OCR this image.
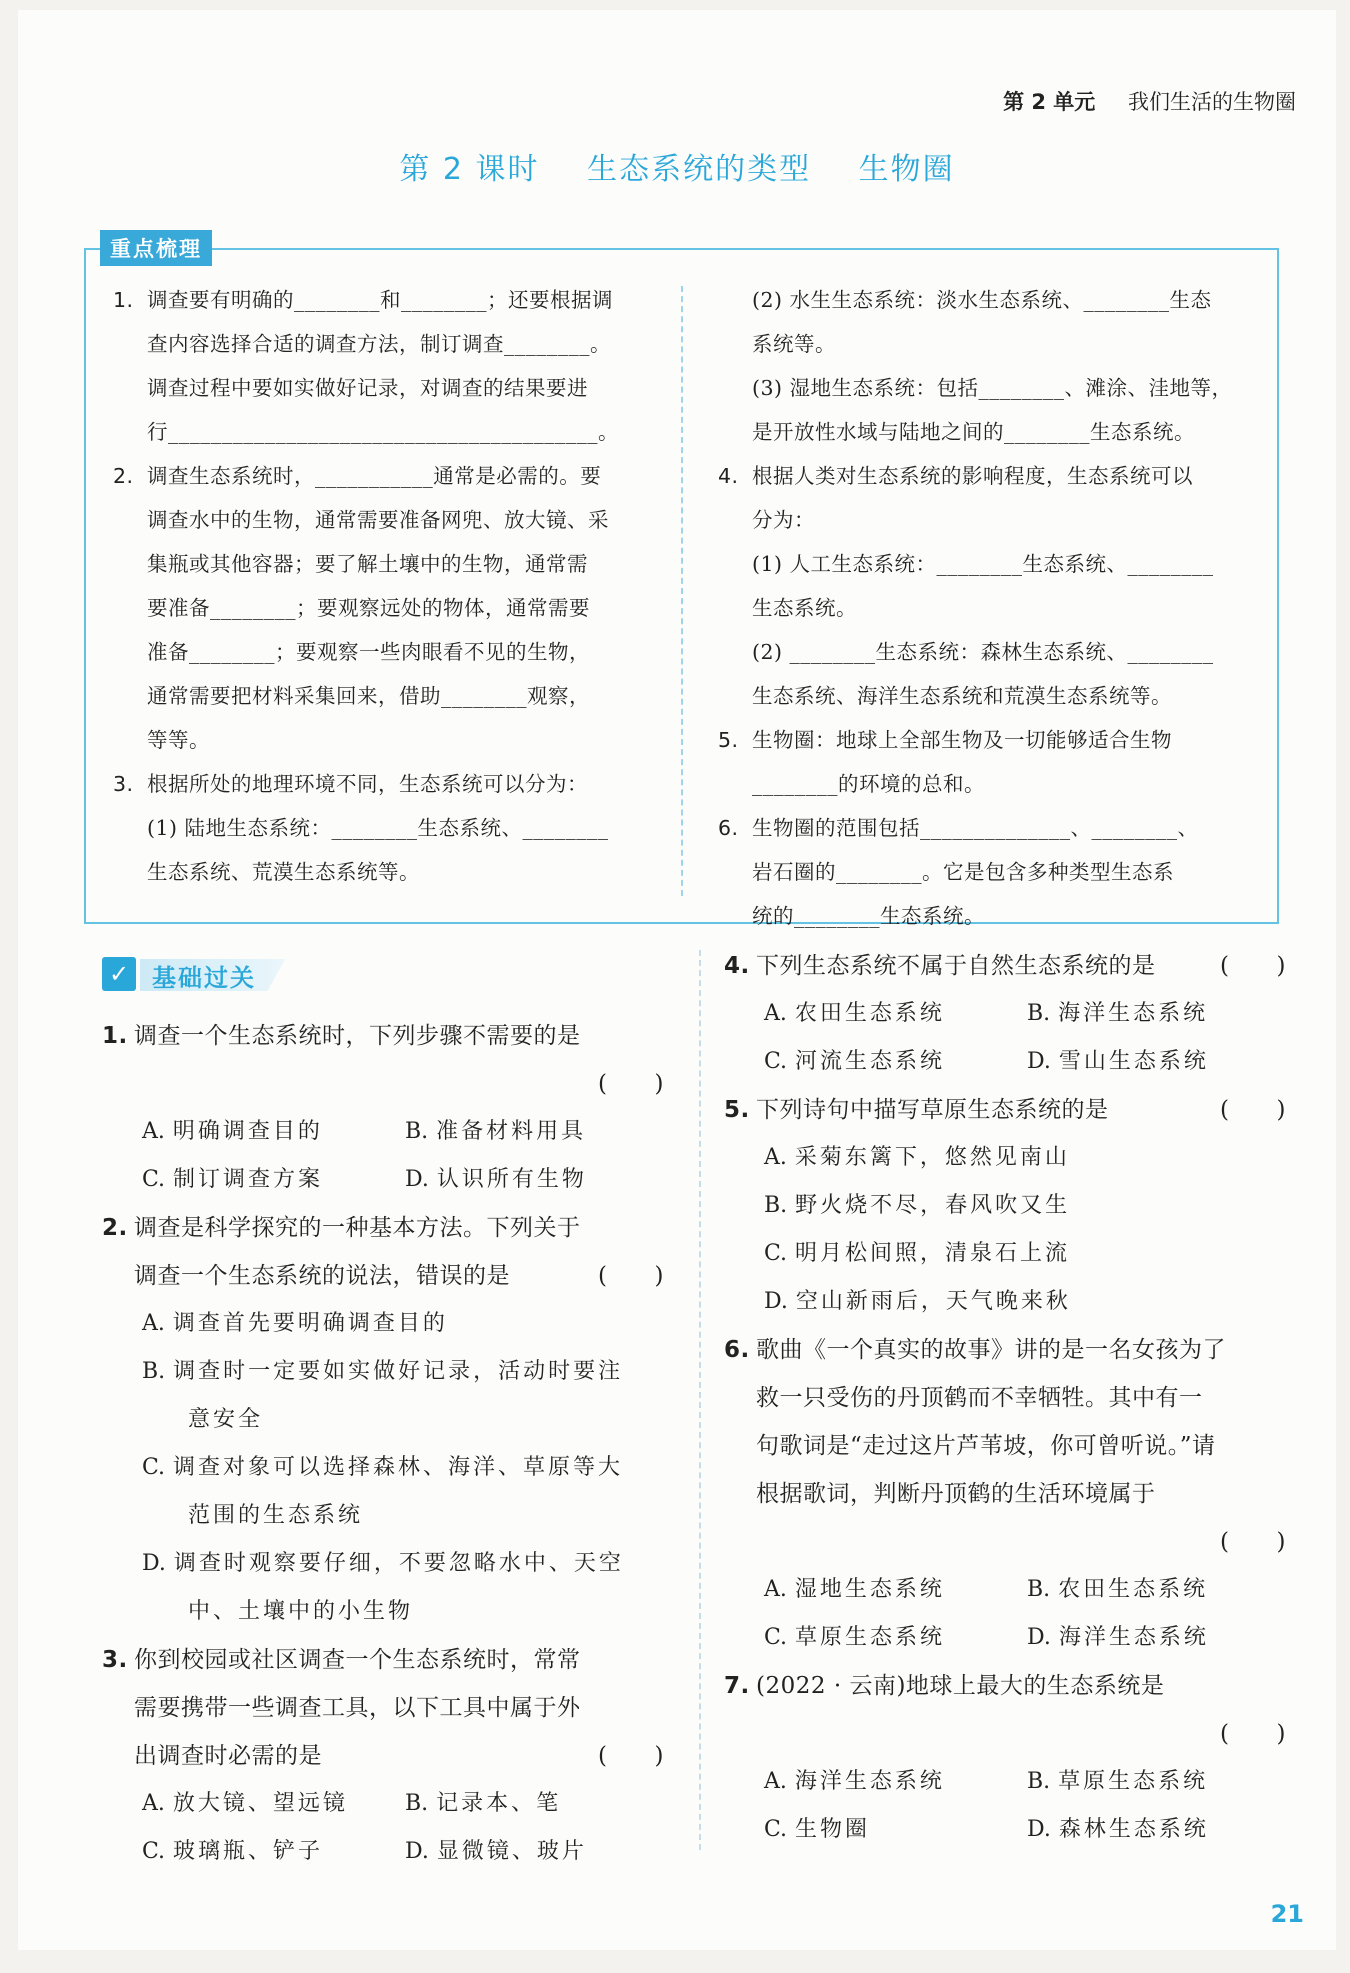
第 2 单元 我们生活的生物圈
第 2 课时 生态系统的类型 生物圈
重点梳理

1. 调查要有明确的________和________；还要根据调

查内容选择合适的调查方法，制订调查________。

调查过程中要如实做好记录，对调查的结果要进

行________________________________________。

2. 调查生态系统时，___________通常是必需的。要

调查水中的生物，通常需要准备网兜、放大镜、采

集瓶或其他容器；要了解土壤中的生物，通常需

要准备________；要观察远处的物体，通常需要

准备________；要观察一些肉眼看不见的生物，

通常需要把材料采集回来，借助________观察，

等等。

3. 根据所处的地理环境不同，生态系统可以分为：

(1) 陆地生态系统：________生态系统、________

生态系统、荒漠生态系统等。

(2) 水生生态系统：淡水生态系统、________生态

系统等。

(3) 湿地生态系统：包括________、滩涂、洼地等，

是开放性水域与陆地之间的________生态系统。

4. 根据人类对生态系统的影响程度，生态系统可以

分为：

(1) 人工生态系统：________生态系统、________

生态系统。

(2) ________生态系统：森林生态系统、________

生态系统、海洋生态系统和荒漠生态系统等。

5. 生物圈：地球上全部生物及一切能够适合生物

________的环境的总和。

6. 生物圈的范围包括______________、________、

岩石圈的________。它是包含多种类型生态系

统的________生态系统。

✓ 基础过关

1. 调查一个生态系统时，下列步骤不需要的是

(　　)

A. 明确调查目的	B. 准备材料用具
C. 制订调查方案	D. 认识所有生物

2. 调查是科学探究的一种基本方法。下列关于

调查一个生态系统的说法，错误的是	(　　)

A. 调查首先要明确调查目的
B. 调查时一定要如实做好记录，活动时要注
意安全
C. 调查对象可以选择森林、海洋、草原等大
范围的生态系统
D. 调查时观察要仔细，不要忽略水中、天空
中、土壤中的小生物

3. 你到校园或社区调查一个生态系统时，常常

需要携带一些调查工具，以下工具中属于外

出调查时必需的是	(　　)

A. 放大镜、望远镜	B. 记录本、笔
C. 玻璃瓶、铲子	D. 显微镜、玻片

4. 下列生态系统不属于自然生态系统的是	(　　)

A. 农田生态系统	B. 海洋生态系统
C. 河流生态系统	D. 雪山生态系统

5. 下列诗句中描写草原生态系统的是	(　　)

A. 采菊东篱下，悠然见南山
B. 野火烧不尽，春风吹又生
C. 明月松间照，清泉石上流
D. 空山新雨后，天气晚来秋

6. 歌曲《一个真实的故事》讲的是一名女孩为了

救一只受伤的丹顶鹤而不幸牺牲。其中有一

句歌词是“走过这片芦苇坡，你可曾听说。”请

根据歌词，判断丹顶鹤的生活环境属于

(　　)

A. 湿地生态系统	B. 农田生态系统
C. 草原生态系统	D. 海洋生态系统

7. (2022 · 云南)地球上最大的生态系统是

(　　)

A. 海洋生态系统	B. 草原生态系统
C. 生物圈	D. 森林生态系统
21
